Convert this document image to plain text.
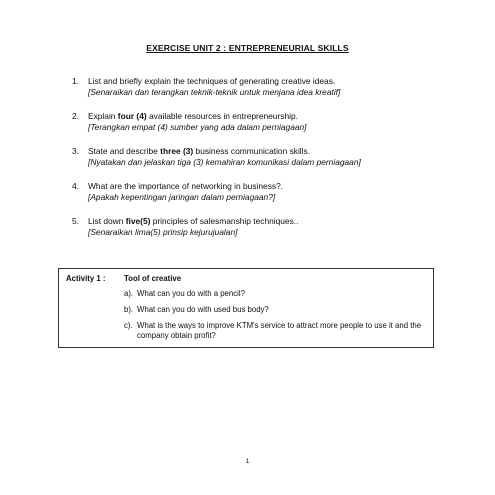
EXERCISE UNIT 2 : ENTREPRENEURIAL SKILLS
1. List and briefly explain the techniques of generating creative ideas.
[Senaraikan dan terangkan teknik-teknik untuk menjana idea kreatif]
2. Explain four (4) available resources in entrepreneurship.
[Terangkan empat (4) sumber yang ada dalam perniagaan]
3. State and describe three (3) business communication skills.
[Nyatakan dan jelaskan tiga (3) kemahiran komunikasi dalam perniagaan]
4. What are the importance of networking in business?.
[Apakah kepentingan jaringan dalam perniagaan?]
5. List down five(5) principles of salesmanship techniques..
[Senaraikan lima(5) prinsip kejurujualan]
Activity 1 : Tool of creative
a). What can you do with a pencil?
b). What can you do with used bus body?
c). What is the ways to improve KTM's service to attract more people to use it and the company obtain profit?
1
